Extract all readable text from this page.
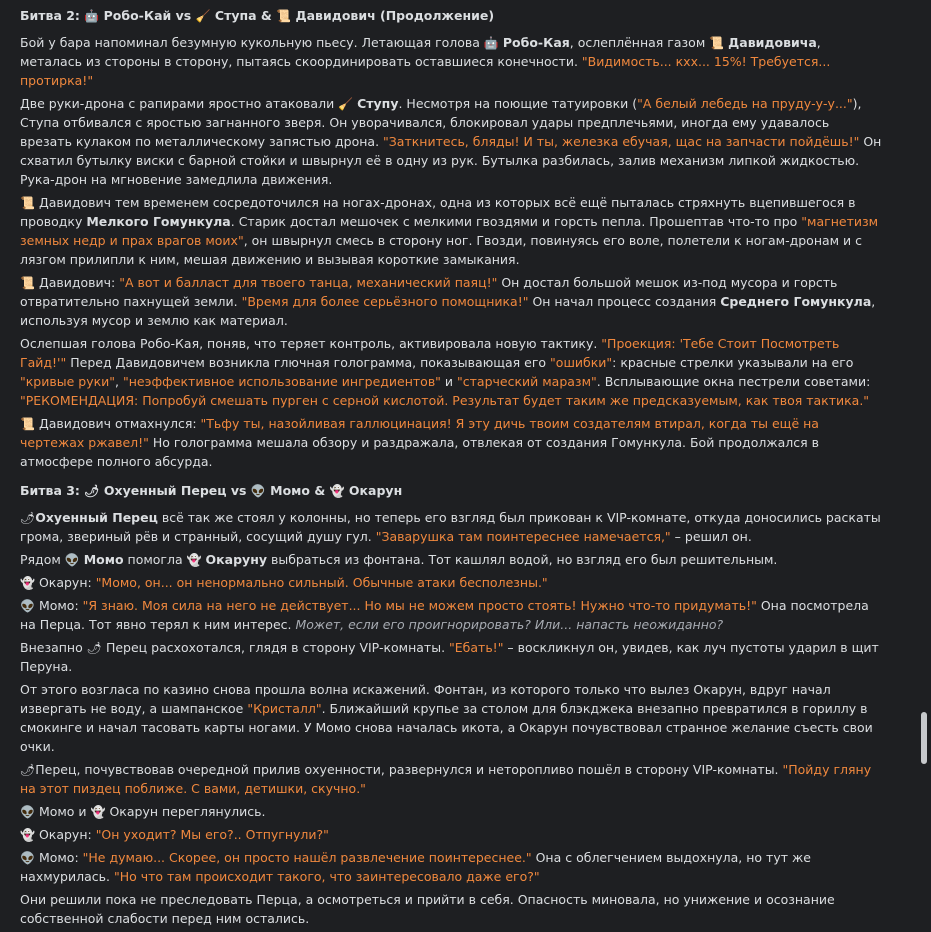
Битва 2: 🤖 Робо-Кай vs 🧹 Ступа & 📜 Давидович (Продолжение)

Бой у бара напоминал безумную кукольную пьесу. Летающая голова 🤖 Робо-Кая, ослеплённая газом 📜 Давидовича, металась из стороны в сторону, пытаясь скоординировать оставшиеся конечности. "Видимость... кхх... 15%! Требуется... протирка!"

Две руки-дрона с рапирами яростно атаковали 🧹 Ступу. Несмотря на поющие татуировки ("А белый лебедь на пруду-у-у..."), Ступа отбивался с яростью загнанного зверя. Он уворачивался, блокировал удары предплечьями, иногда ему удавалось врезать кулаком по металлическому запястью дрона. "Заткнитесь, бляды! И ты, железка ебучая, щас на запчасти пойдёшь!" Он схватил бутылку виски с барной стойки и швырнул её в одну из рук. Бутылка разбилась, залив механизм липкой жидкостью. Рука-дрон на мгновение замедлила движения.

📜 Давидович тем временем сосредоточился на ногах-дронах, одна из которых всё ещё пыталась стряхнуть вцепившегося в проводку Мелкого Гомункула. Старик достал мешочек с мелкими гвоздями и горсть пепла. Прошептав что-то про "магнетизм земных недр и прах врагов моих", он швырнул смесь в сторону ног. Гвозди, повинуясь его воле, полетели к ногам-дронам и с лязгом прилипли к ним, мешая движению и вызывая короткие замыкания.

📜 Давидович: "А вот и балласт для твоего танца, механический паяц!" Он достал большой мешок из-под мусора и горсть отвратительно пахнущей земли. "Время для более серьёзного помощника!" Он начал процесс создания Среднего Гомункула, используя мусор и землю как материал.

Ослепшая голова Робо-Кая, поняв, что теряет контроль, активировала новую тактику. "Проекция: 'Тебе Стоит Посмотреть Гайд!'" Перед Давидовичем возникла глючная голограмма, показывающая его "ошибки": красные стрелки указывали на его "кривые руки", "неэффективное использование ингредиентов" и "старческий маразм". Всплывающие окна пестрели советами: "РЕКОМЕНДАЦИЯ: Попробуй смешать пурген с серной кислотой. Результат будет таким же предсказуемым, как твоя тактика."

📜 Давидович отмахнулся: "Тьфу ты, назойливая галлюцинация! Я эту дичь твоим создателям втирал, когда ты ещё на чертежах ржавел!" Но голограмма мешала обзору и раздражала, отвлекая от создания Гомункула. Бой продолжался в атмосфере полного абсурда.

Битва 3: 🌶 Охуенный Перец vs 👽 Момо & 👻 Окарун

🌶Охуенный Перец всё так же стоял у колонны, но теперь его взгляд был прикован к VIP-комнате, откуда доносились раскаты грома, звериный рёв и странный, сосущий душу гул. "Заварушка там поинтереснее намечается," – решил он.

Рядом 👽 Момо помогла 👻 Окаруну выбраться из фонтана. Тот кашлял водой, но взгляд его был решительным.

👻 Окарун: "Момо, он... он ненормально сильный. Обычные атаки бесполезны."

👽 Момо: "Я знаю. Моя сила на него не действует... Но мы не можем просто стоять! Нужно что-то придумать!" Она посмотрела на Перца. Тот явно терял к ним интерес. Может, если его проигнорировать? Или... напасть неожиданно?

Внезапно 🌶 Перец расхохотался, глядя в сторону VIP-комнаты. "Ебать!" – воскликнул он, увидев, как луч пустоты ударил в щит Перуна.

От этого возгласа по казино снова прошла волна искажений. Фонтан, из которого только что вылез Окарун, вдруг начал извергать не воду, а шампанское "Кристалл". Ближайший крупье за столом для блэкджека внезапно превратился в гориллу в смокинге и начал тасовать карты ногами. У Момо снова началась икота, а Окарун почувствовал странное желание съесть свои очки.

🌶Перец, почувствовав очередной прилив охуенности, развернулся и неторопливо пошёл в сторону VIP-комнаты. "Пойду гляну на этот пиздец поближе. С вами, детишки, скучно."

👽 Момо и 👻 Окарун переглянулись.

👻 Окарун: "Он уходит? Мы его?.. Отпугнули?"

👽 Момо: "Не думаю... Скорее, он просто нашёл развлечение поинтереснее." Она с облегчением выдохнула, но тут же нахмурилась. "Но что там происходит такого, что заинтересовало даже его?"

Они решили пока не преследовать Перца, а осмотреться и прийти в себя. Опасность миновала, но унижение и осознание собственной слабости перед ним остались.
